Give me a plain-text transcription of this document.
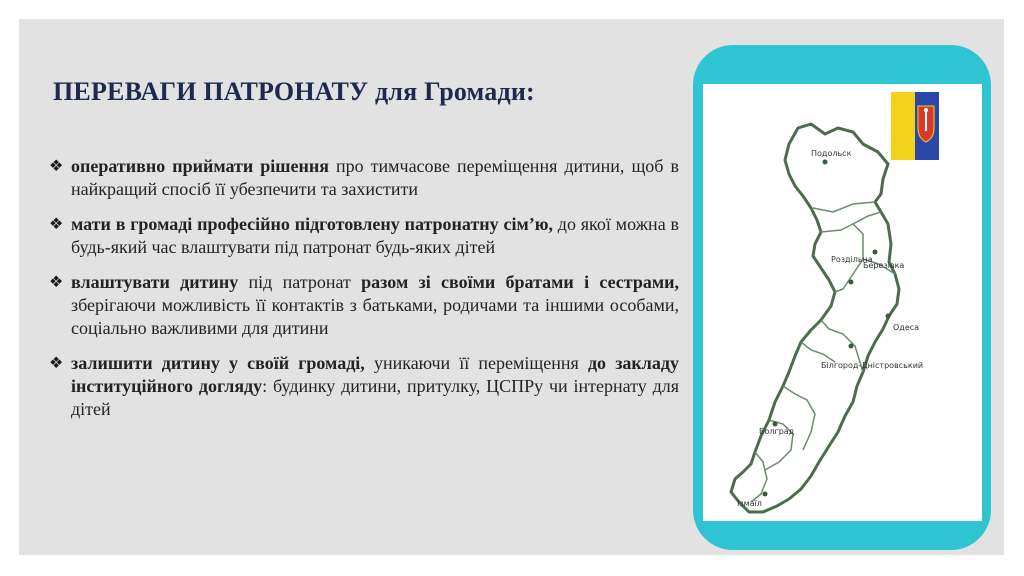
ПЕРЕВАГИ ПАТРОНАТУ для Громади:
❖ оперативно приймати рішення про тимчасове переміщення дитини, щоб в найкращий спосіб її убезпечити та захистити
❖ мати в громаді професійно підготовлену патронатну сім’ю, до якої можна в будь-який час влаштувати під патронат будь-яких дітей
❖ влаштувати дитину під патронат разом зі своїми братами і сестрами, зберігаючи можливість її контактів з батьками, родичами та іншими особами, соціально важливими для дитини
❖ залишити дитину у своїй громаді, уникаючи її переміщення до закладу інституційного догляду: будинку дитини, притулку, ЦСПРу чи інтернату для дітей
Подольск
Березівка
Роздільна
Одеса
Білгород-Дністровський
Болград
Ізмаїл
